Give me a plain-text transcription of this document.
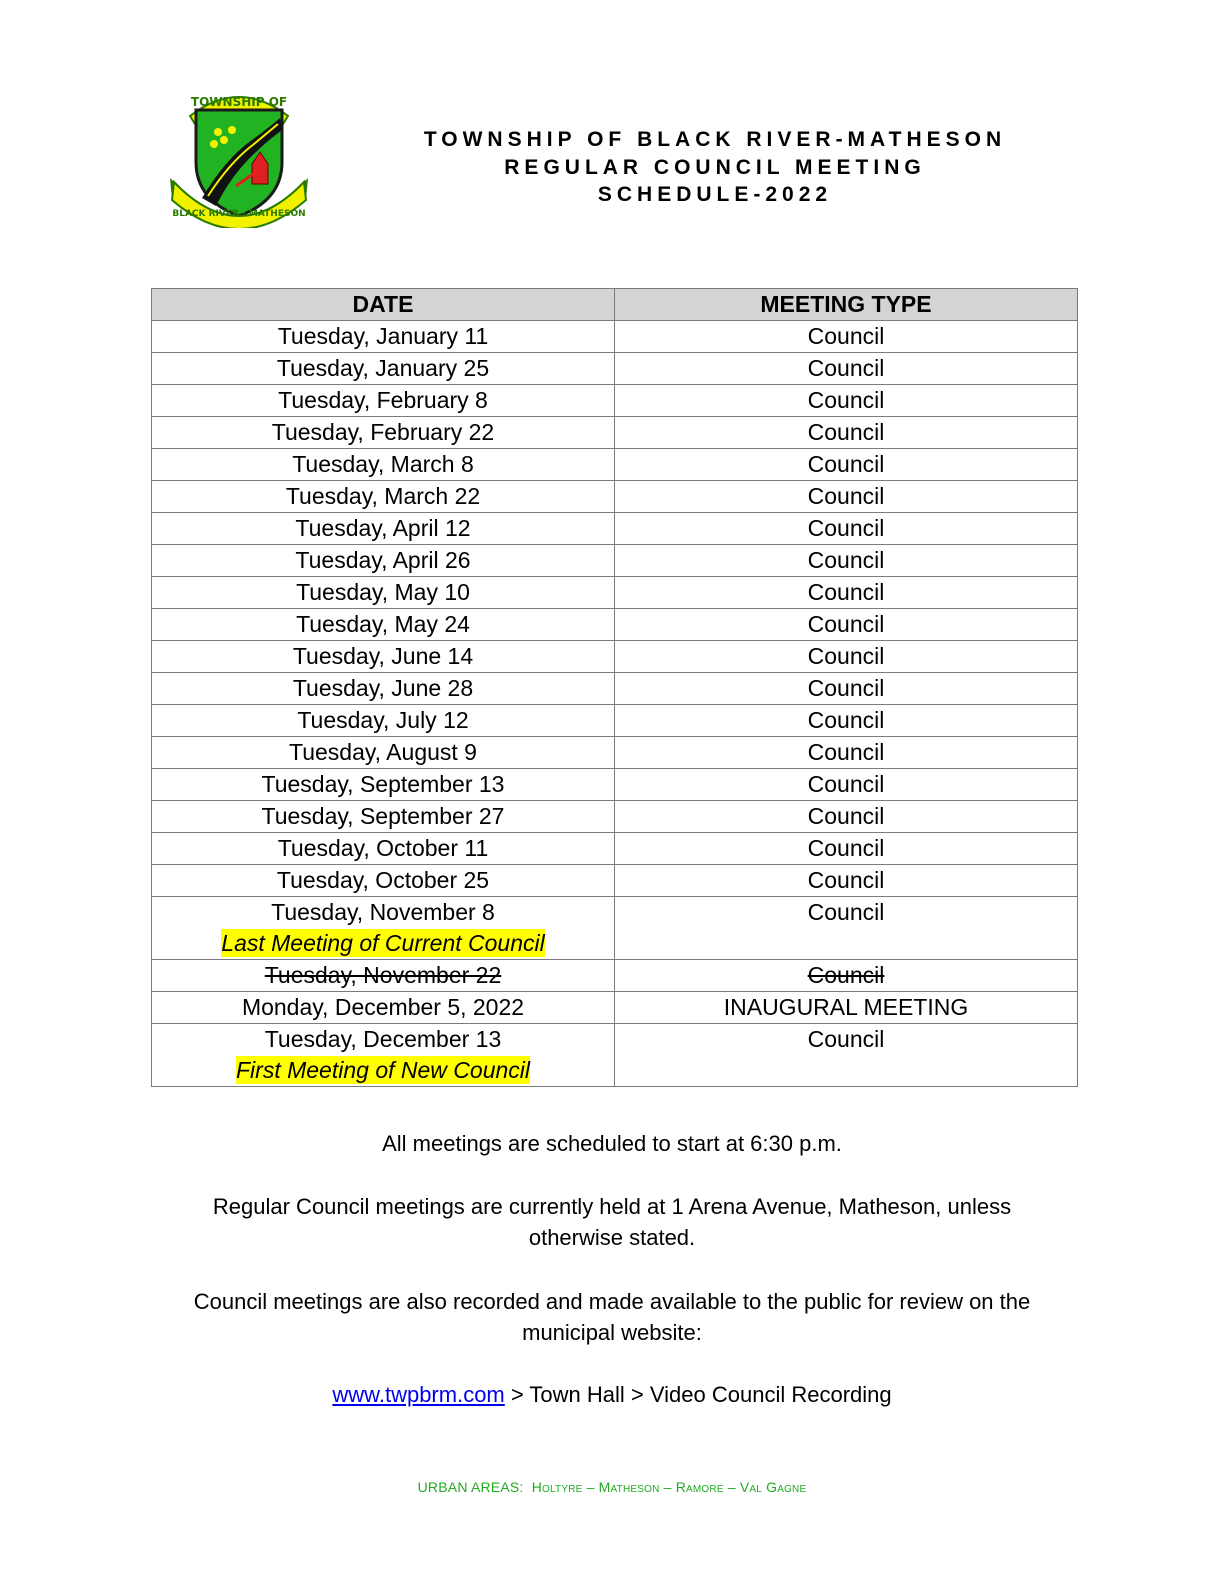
TOWNSHIP OF
BLACK RIVER - MATHESON
TOWNSHIP OF BLACK RIVER-MATHESON
REGULAR COUNCIL MEETING
SCHEDULE-2022
DATE	MEETING TYPE

Tuesday, January 11	Council

Tuesday, January 25	Council

Tuesday, February 8	Council

Tuesday, February 22	Council

Tuesday, March 8	Council

Tuesday, March 22	Council

Tuesday, April 12	Council

Tuesday, April 26	Council

Tuesday, May 10	Council

Tuesday, May 24	Council

Tuesday, June 14	Council

Tuesday, June 28	Council

Tuesday, July 12	Council

Tuesday, August 9	Council

Tuesday, September 13	Council

Tuesday, September 27	Council

Tuesday, October 11	Council

Tuesday, October 25	Council

Tuesday, November 8
Last Meeting of Current Council	Council

Tuesday, November 22	Council

Monday, December 5, 2022	INAUGURAL MEETING

Tuesday, December 13
First Meeting of New Council	Council
All meetings are scheduled to start at 6:30 p.m.
Regular Council meetings are currently held at 1 Arena Avenue, Matheson, unless
otherwise stated.
Council meetings are also recorded and made available to the public for review on the
municipal website:
www.twpbrm.com > Town Hall > Video Council Recording
URBAN AREAS: Holtyre – Matheson – Ramore – Val Gagne
